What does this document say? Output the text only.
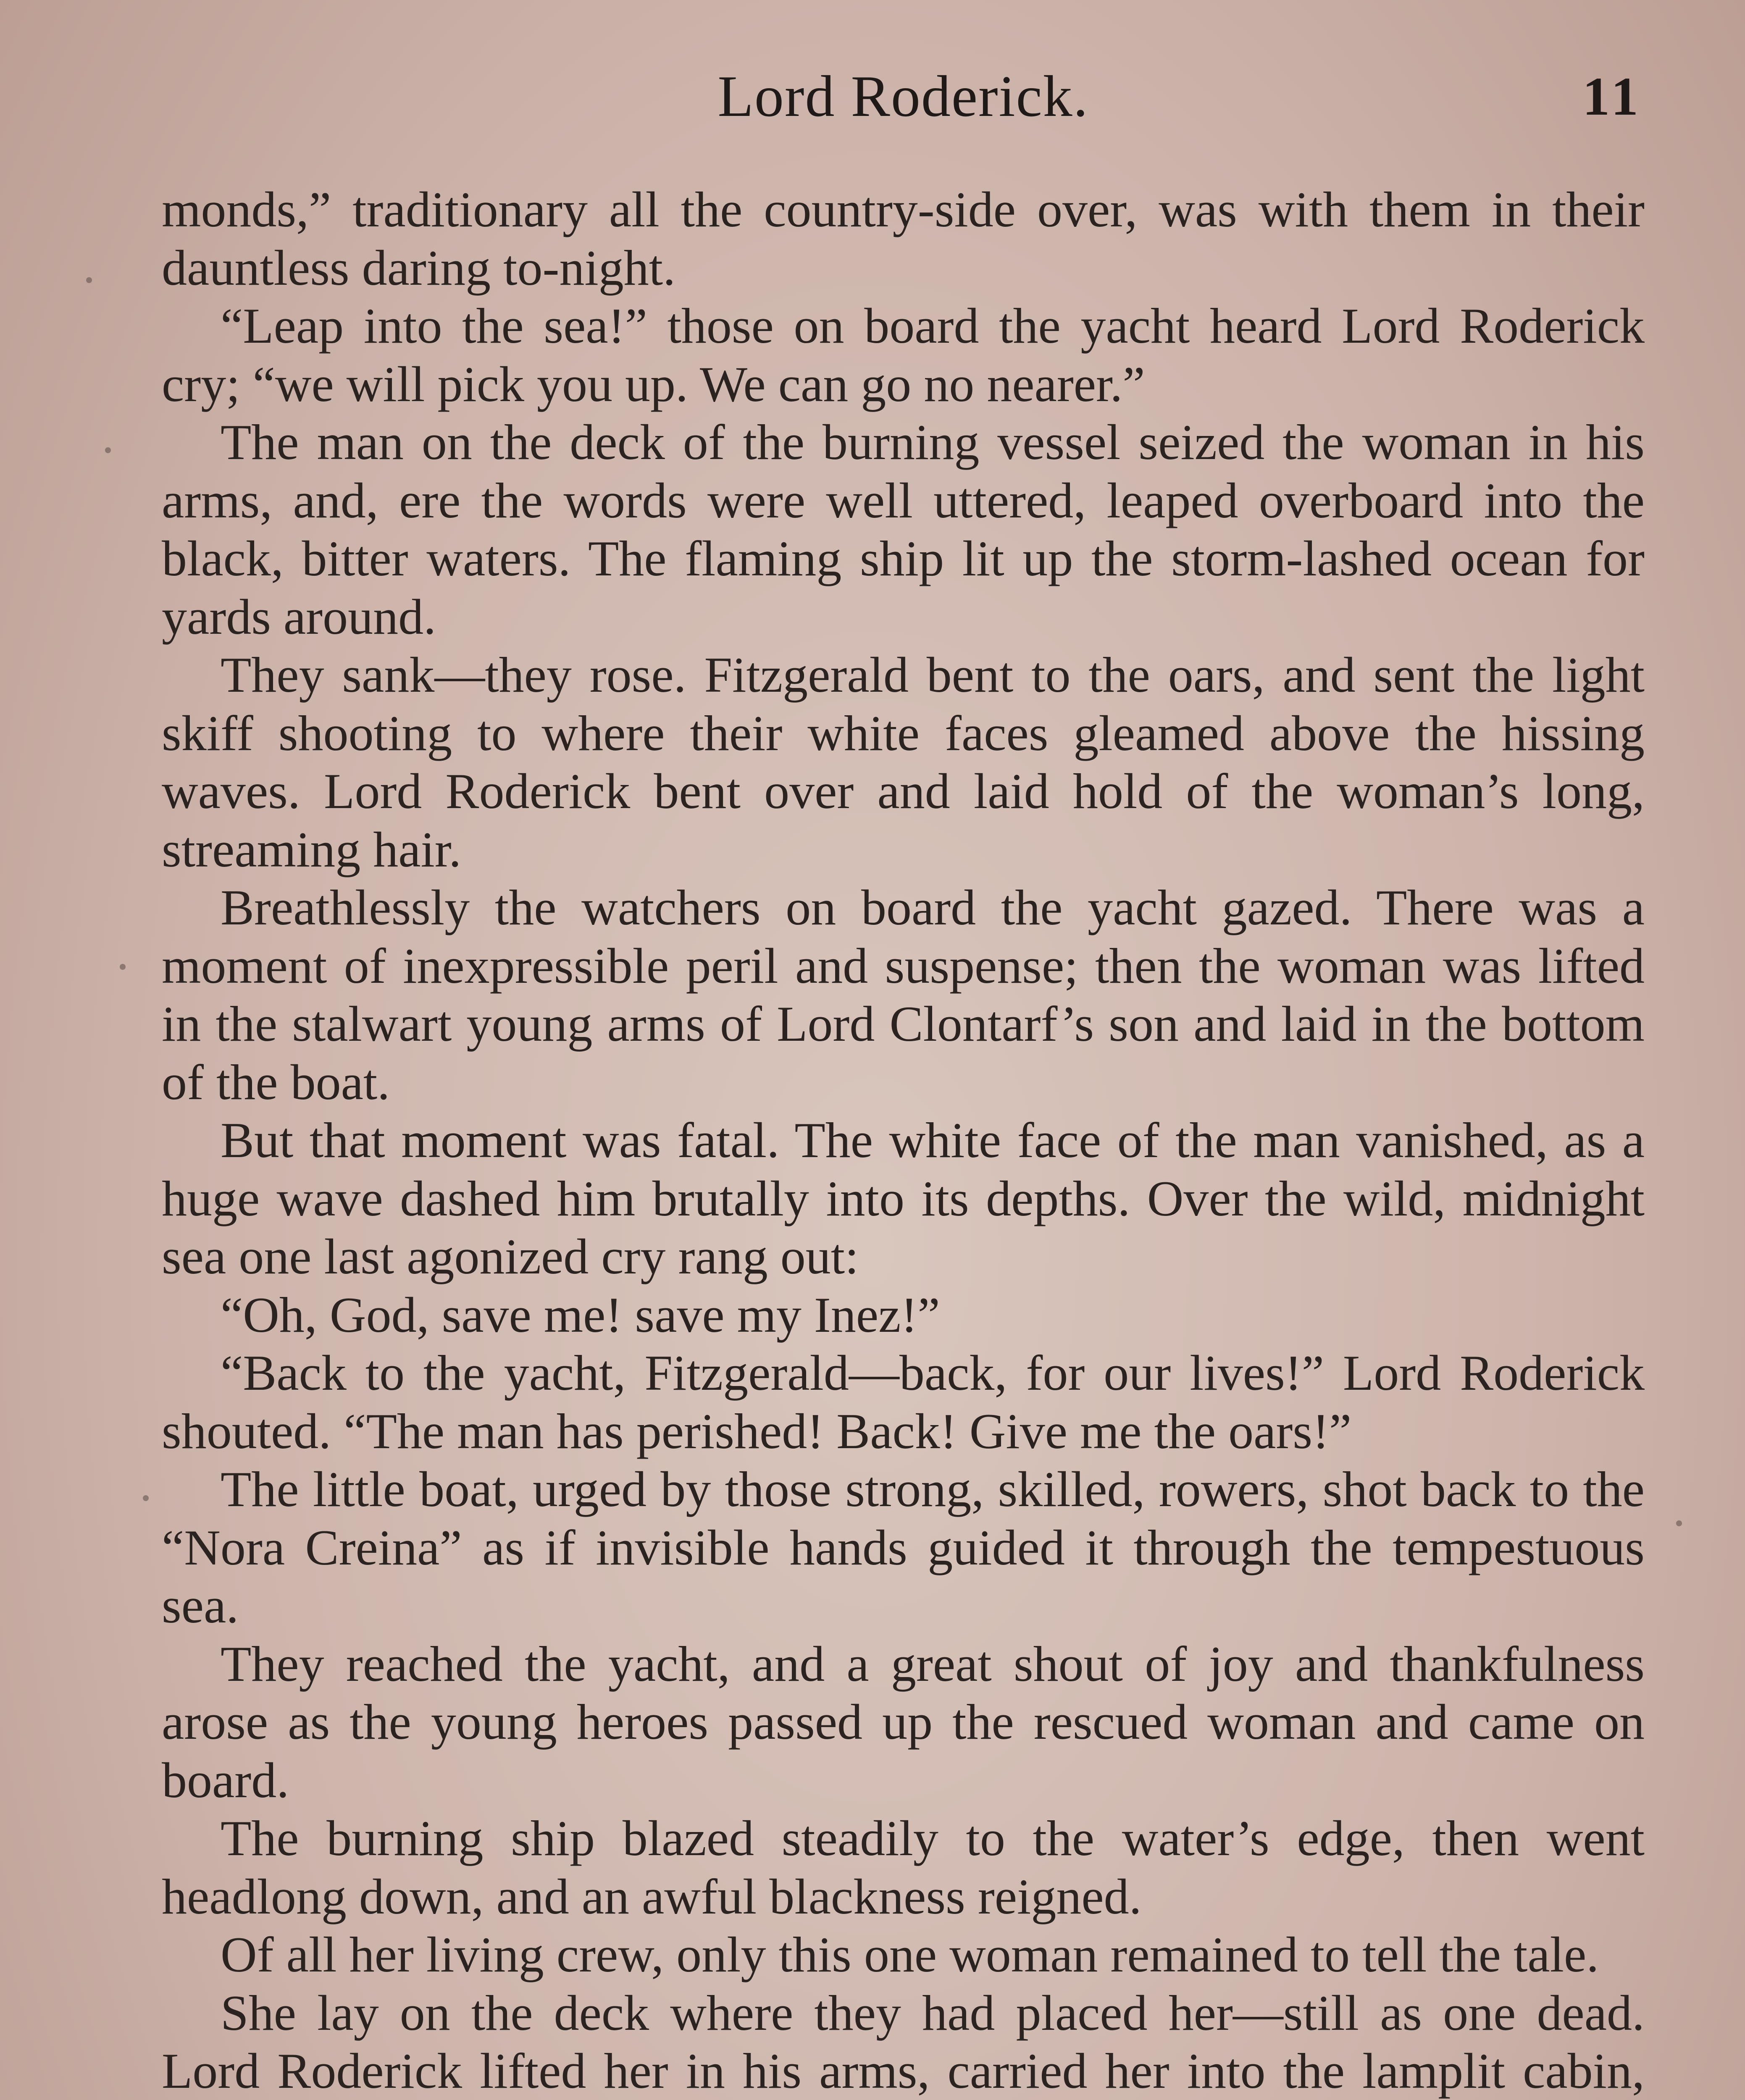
Lord Roderick.	11

monds,” traditionary all the country-side over, was with them in their dauntless daring to-night.

“Leap into the sea!” those on board the yacht heard Lord Roderick cry; “we will pick you up. We can go no nearer.”

The man on the deck of the burning vessel seized the woman in his arms, and, ere the words were well uttered, leaped overboard into the black, bitter waters. The flaming ship lit up the storm-lashed ocean for yards around.

They sank—they rose. Fitzgerald bent to the oars, and sent the light skiff shooting to where their white faces gleamed above the hissing waves. Lord Roderick bent over and laid hold of the woman’s long, streaming hair.

Breathlessly the watchers on board the yacht gazed. There was a moment of inexpressible peril and suspense; then the woman was lifted in the stalwart young arms of Lord Clontarf’s son and laid in the bottom of the boat.

But that moment was fatal. The white face of the man vanished, as a huge wave dashed him brutally into its depths. Over the wild, midnight sea one last agonized cry rang out:

“Oh, God, save me! save my Inez!”

“Back to the yacht, Fitzgerald—back, for our lives!” Lord Roderick shouted. “The man has perished! Back! Give me the oars!”

The little boat, urged by those strong, skilled, rowers, shot back to the “Nora Creina” as if invisible hands guided it through the tempestuous sea.

They reached the yacht, and a great shout of joy and thankfulness arose as the young heroes passed up the rescued woman and came on board.

The burning ship blazed steadily to the water’s edge, then went headlong down, and an awful blackness reigned.

Of all her living crew, only this one woman remained to tell the tale.

She lay on the deck where they had placed her—still as one dead. Lord Roderick lifted her in his arms, carried her into the lamplit cabin,
